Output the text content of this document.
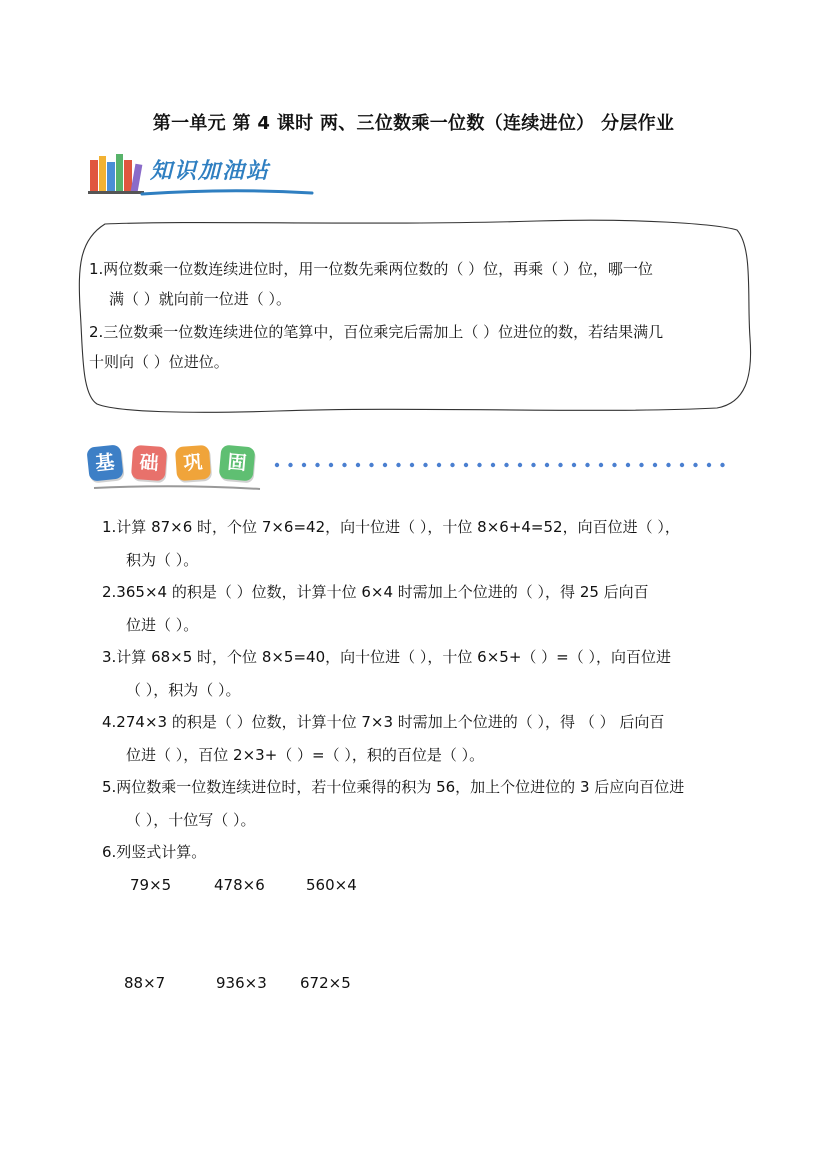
第一单元 第 4 课时 两、三位数乘一位数（连续进位） 分层作业
知识加油站
1.两位数乘一位数连续进位时，用一位数先乘两位数的（ ）位，再乘（ ）位，哪一位
满（ ）就向前一位进（ ）。
2.三位数乘一位数连续进位的笔算中，百位乘完后需加上（ ）位进位的数，若结果满几
十则向（ ）位进位。
基	础	巩	固
1.计算 87×6 时，个位 7×6=42，向十位进（ ），十位 8×6+4=52，向百位进（ ），
积为（ ）。
2.365×4 的积是（ ）位数，计算十位 6×4 时需加上个位进的（ ），得 25 后向百
位进（ ）。
3.计算 68×5 时，个位 8×5=40，向十位进（ ），十位 6×5+（ ）=（ ），向百位进
（ ），积为（ ）。
4.274×3 的积是（ ）位数，计算十位 7×3 时需加上个位进的（ ），得 （ ） 后向百
位进（ ），百位 2×3+（ ）=（ ），积的百位是（ ）。
5.两位数乘一位数连续进位时，若十位乘得的积为 56，加上个位进位的 3 后应向百位进
（ ），十位写（ ）。
6.列竖式计算。
79×5	478×6	560×4
88×7	936×3 672×5
